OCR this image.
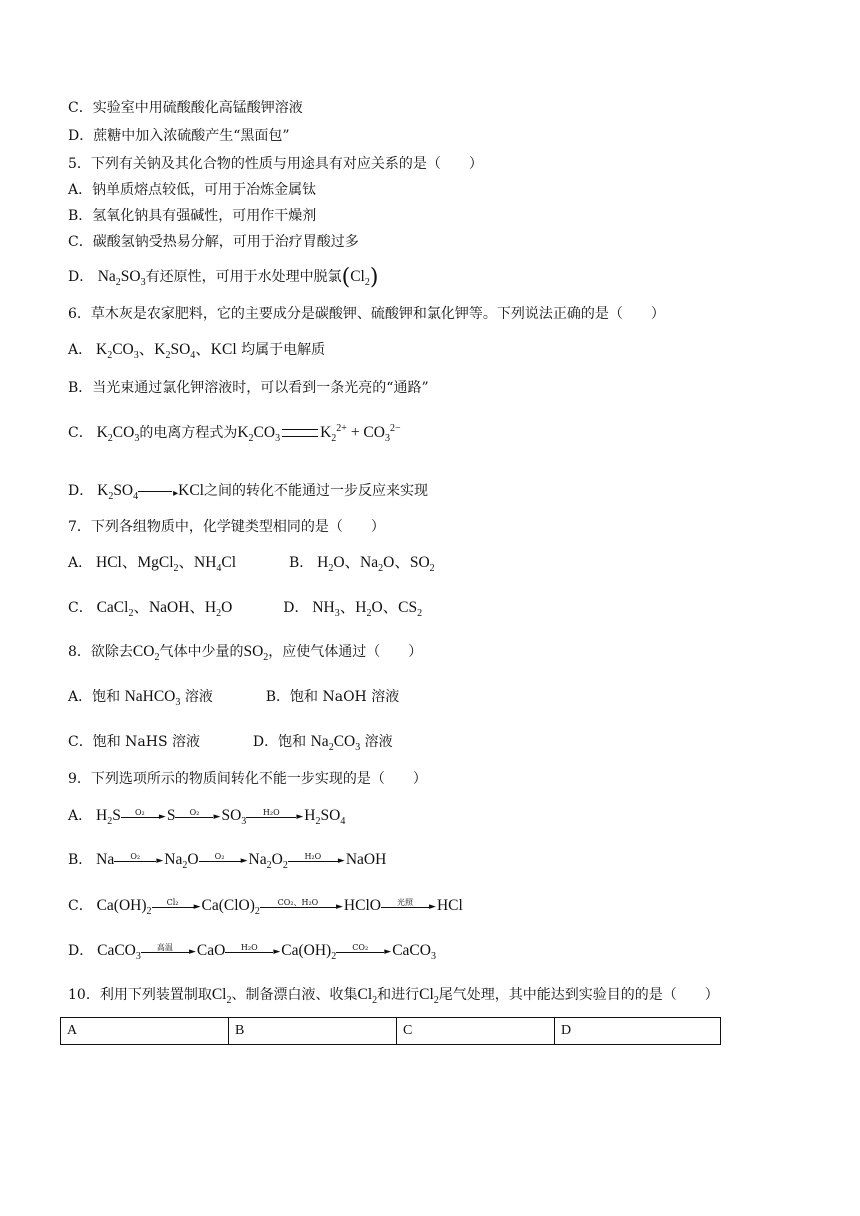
C．实验室中用硫酸酸化高锰酸钾溶液
D．蔗糖中加入浓硫酸产生“黑面包”
5．下列有关钠及其化合物的性质与用途具有对应关系的是（　　）
A．钠单质熔点较低，可用于冶炼金属钛
B．氢氧化钠具有强碱性，可用作干燥剂
C．碳酸氢钠受热易分解，可用于治疗胃酸过多
D． $Na_2SO_3$有还原性，可用于水处理中脱氯$(Cl_2)$
6．草木灰是农家肥料，它的主要成分是碳酸钾、硫酸钾和氯化钾等。下列说法正确的是（　　）
A． $K_2CO_3$、$K_2SO_4$、KCl 均属于电解质
B．当光束通过氯化钾溶液时，可以看到一条光亮的“通路”
C． $K_2CO_3$的电离方程式为$K_2CO_3$	$K_2^{2+} + CO_3^{2-}$
D． $K_2SO_4▸$	KCl之间的转化不能通过一步反应来实现
7．下列各组物质中，化学键类型相同的是（　　）
A． HCl、MgCl$_2$、$NH_4Cl$	B． $H_2O$、$Na_2O$、$SO_2$
C． CaCl$_2$、NaOH、$H_2O$	D． $NH_3$、$H_2O$、$CS_2$
8．欲除去$CO_2$气体中少量的$SO_2$，应使气体通过（　　）
A．饱和 NaHCO$_3$ 溶液	B．饱和 NaOH 溶液
C．饱和 NaHS 溶液	D．饱和 $Na_2CO_3$ 溶液
9．下列选项所示的物质间转化不能一步实现的是（　　）
A． $H_2S$	O₂	► S	O₂	► $SO_3$
H₂O	► $H_2SO_4$
B． Na	O₂	► $Na_2O$	O₂	► $Na_2O_2$
H₂O	► NaOH
C． $Ca(OH)_2$
Cl₂	► $Ca(ClO)_2$
CO₂、H₂O	► HClO	光照	► HCl
D． CaCO$_3$
高温	► CaO	H₂O	► $Ca(OH)_2$
CO₂	► CaCO$_3$
10．利用下列装置制取$Cl_2$、制备漂白液、收集$Cl_2$和进行$Cl_2$尾气处理，其中能达到实验目的的是（　　）
A	B	C	D
